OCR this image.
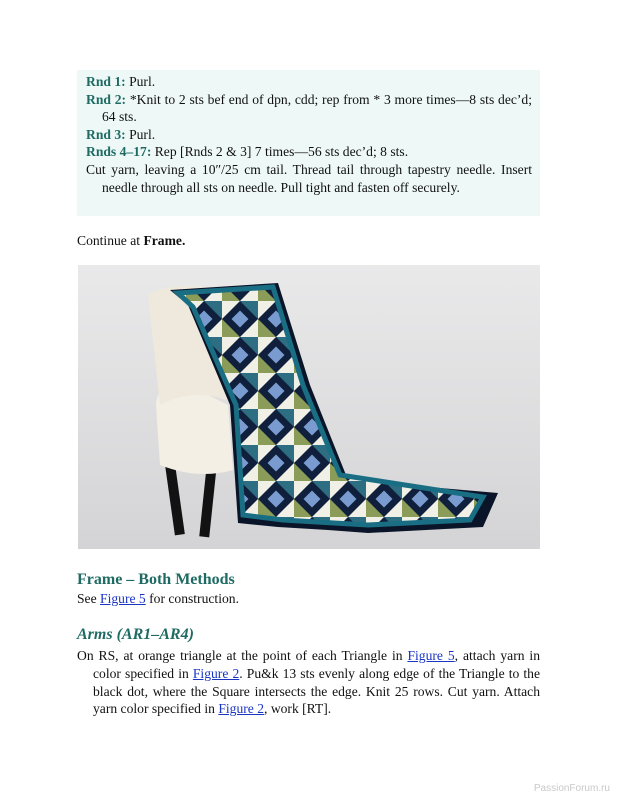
Rnd 1: Purl.

Rnd 2: *Knit to 2 sts bef end of dpn, cdd; rep from * 3 more times—8 sts dec’d; 64 sts.

Rnd 3: Purl.

Rnds 4–17: Rep [Rnds 2 & 3] 7 times—56 sts dec’d; 8 sts.

Cut yarn, leaving a 10″/25 cm tail. Thread tail through tapestry needle. Insert needle through all sts on needle. Pull tight and fasten off securely.

Continue at Frame.

Frame – Both Methods

See Figure 5 for construction.

Arms (AR1–AR4)

On RS, at orange triangle at the point of each Triangle in Figure 5, attach yarn in color specified in Figure 2. Pu&k 13 sts evenly along edge of the Triangle to the black dot, where the Square intersects the edge. Knit 25 rows. Cut yarn. Attach yarn color specified in Figure 2, work [RT].

PassionForum.ru
